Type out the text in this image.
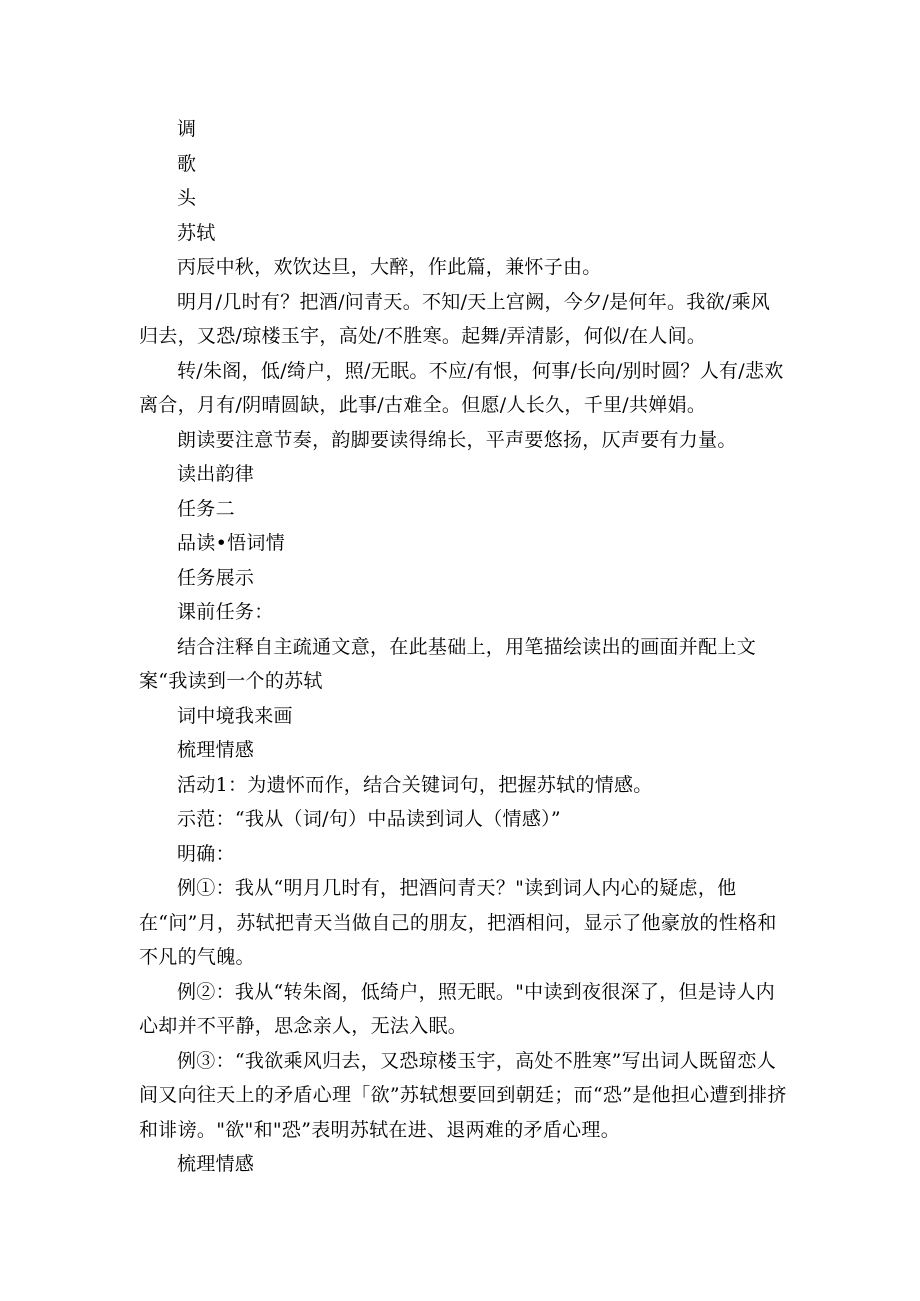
调

歌

头

苏轼

丙辰中秋，欢饮达旦，大醉，作此篇，兼怀子由。

明月/几时有？把酒/问青天。不知/天上宫阙，今夕/是何年。我欲/乘风归去，又恐/琼楼玉宇，高处/不胜寒。起舞/弄清影，何似/在人间。

转/朱阁，低/绮户，照/无眠。不应/有恨，何事/长向/别时圆？人有/悲欢离合，月有/阴晴圆缺，此事/古难全。但愿/人长久，千里/共婵娟。

朗读要注意节奏，韵脚要读得绵长，平声要悠扬，仄声要有力量。

读出韵律

任务二

品读•悟词情

任务展示

课前任务：

结合注释自主疏通文意，在此基础上，用笔描绘读出的画面并配上文案“我读到一个的苏轼

词中境我来画

梳理情感

活动1：为遗怀而作，结合关键词句，把握苏轼的情感。

示范：“我从（词/句）中品读到词人（情感）”

明确：

例①：我从“明月几时有，把酒问青天？"读到词人内心的疑虑，他在“问”月，苏轼把青天当做自己的朋友，把酒相问，显示了他豪放的性格和不凡的气魄。

例②：我从“转朱阁，低绮户，照无眠。"中读到夜很深了，但是诗人内心却并不平静，思念亲人，无法入眠。

例③：“我欲乘风归去，又恐琼楼玉宇，高处不胜寒”写出词人既留恋人间又向往天上的矛盾心理「欲”苏轼想要回到朝廷；而“恐”是他担心遭到排挤和诽谤。"欲"和"恐”表明苏轼在进、退两难的矛盾心理。

梳理情感
